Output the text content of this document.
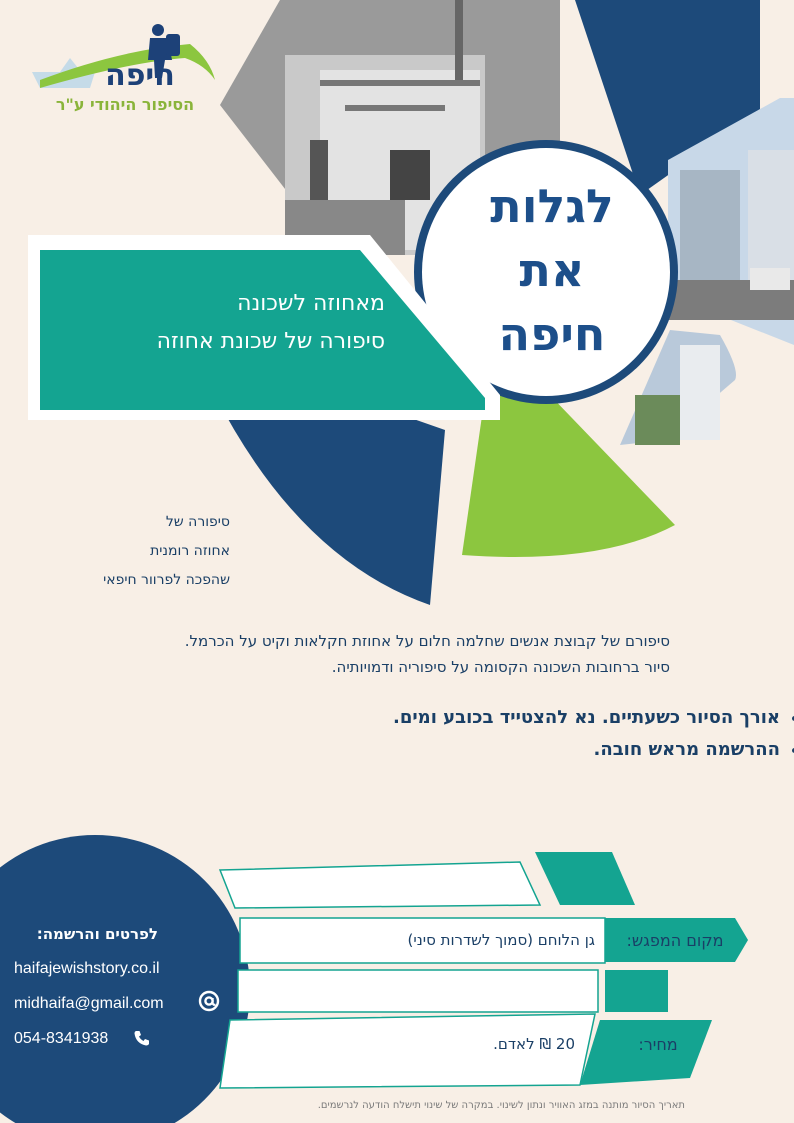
חיפה
הסיפור היהודי ע"ר
לגלות
את
חיפה
מאחוזה לשכונה
סיפורה של שכונת אחוזה
סיפורה של
אחוזה רומנית
שהפכה לפרוור חיפאי
סיפורם של קבוצת אנשים שחלמה חלום על אחוזת חקלאות וקיט על הכרמל.
סיור ברחובות השכונה הקסומה על סיפוריה ודמויותיה.
• אורך הסיור כשעתיים. נא להצטייד בכובע ומים.
• ההרשמה מראש חובה.
לפרטים והרשמה:
haifajewishstory.co.il
midhaifa@gmail.com
054-8341938
מקום המפגש:
גן הלוחם (סמוך לשדרות סיני)
מחיר:
20 ₪ לאדם.
תאריך הסיור מותנה במזג האוויר ונתון לשינוי. במקרה של שינוי תישלח הודעה לנרשמים.
